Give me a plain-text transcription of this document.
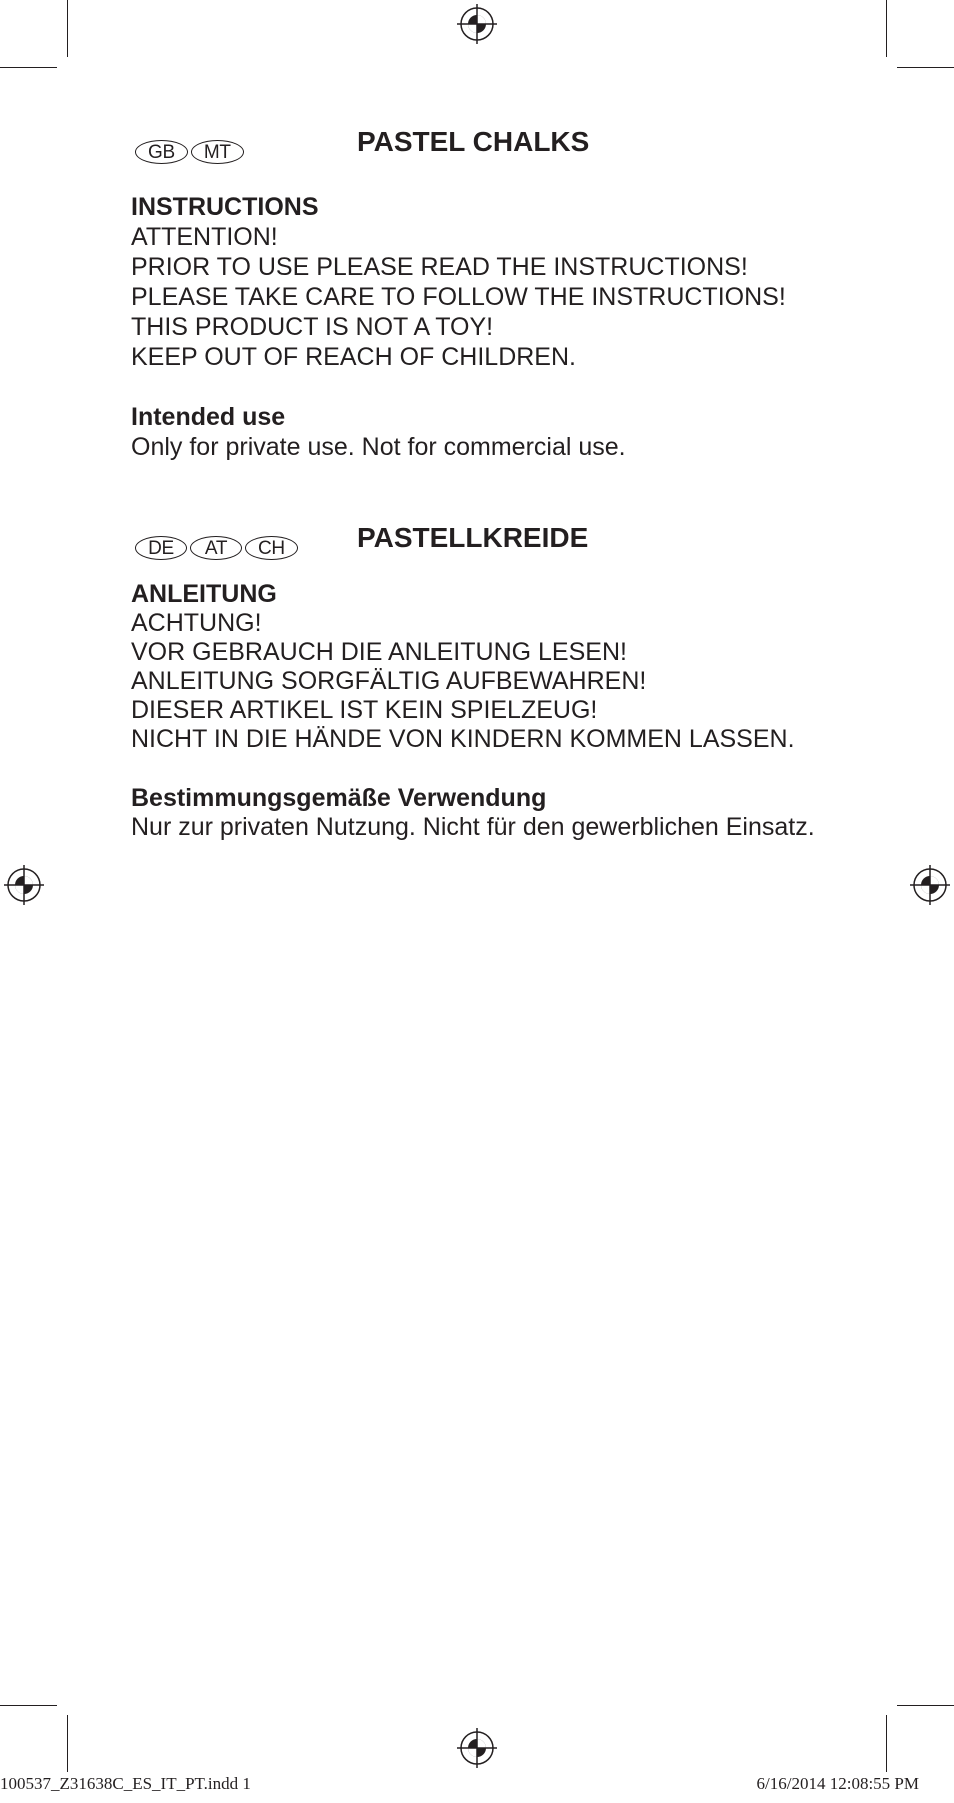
GB	MT	PASTEL CHALKS

INSTRUCTIONS

ATTENTION!

PRIOR TO USE PLEASE READ THE INSTRUCTIONS!

PLEASE TAKE CARE TO FOLLOW THE INSTRUCTIONS!

THIS PRODUCT IS NOT A TOY!

KEEP OUT OF REACH OF CHILDREN.

Intended use

Only for private use. Not for commercial use.

DE	AT	CH	PASTELLKREIDE

ANLEITUNG

ACHTUNG!

VOR GEBRAUCH DIE ANLEITUNG LESEN!

ANLEITUNG SORGFÄLTIG AUFBEWAHREN!

DIESER ARTIKEL IST KEIN SPIELZEUG!

NICHT IN DIE HÄNDE VON KINDERN KOMMEN LASSEN.

Bestimmungsgemäße Verwendung

Nur zur privaten Nutzung. Nicht für den gewerblichen Einsatz.

100537_Z31638C_ES_IT_PT.indd 1	6/16/2014 12:08:55 PM
